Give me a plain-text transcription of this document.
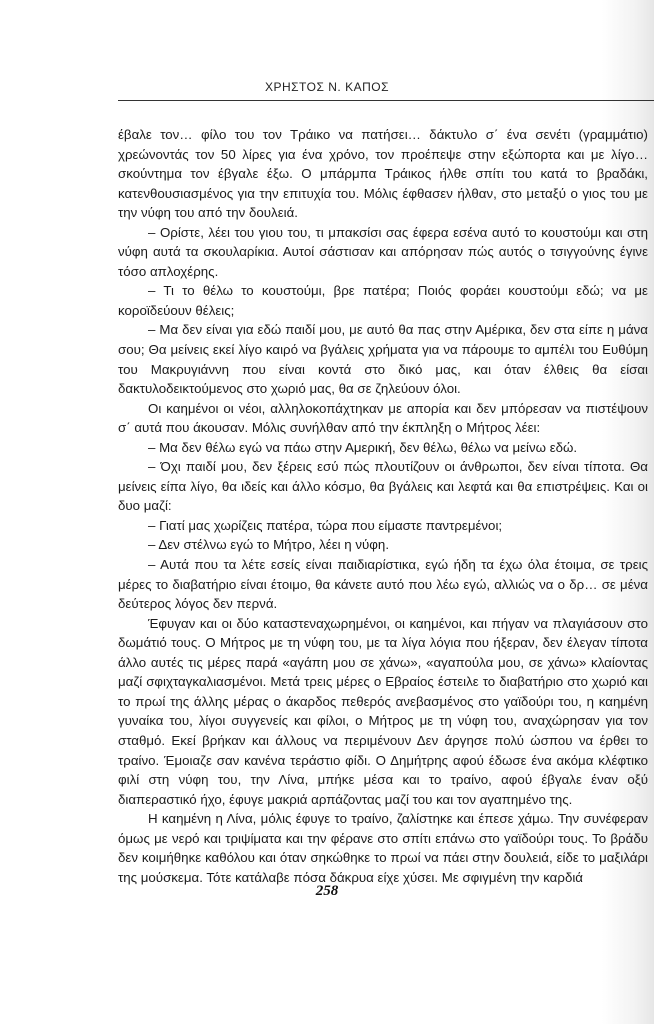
ΧΡΗΣΤΟΣ Ν. ΚΑΠΟΣ

έβαλε τον… φίλο του τον Τράικο να πατήσει… δάκτυλο σ΄ ένα σενέτι (γραμμάτιο) χρεώνοντάς τον 50 λίρες για ένα χρόνο, τον προέπεψε στην εξώπορτα και με λίγο… σκούντημα τον έβγαλε έξω. Ο μπάρμπα Τράικος ήλθε σπίτι του κατά το βραδάκι, κατενθουσιασμένος για την επιτυχία του. Μόλις έφθασεν ήλθαν, στο μεταξύ ο γιος του με την νύφη του από την δουλειά.

– Ορίστε, λέει του γιου του, τι μπακσίσι σας έφερα εσένα αυτό το κουστούμι και στη νύφη αυτά τα σκουλαρίκια. Αυτοί σάστισαν και απόρησαν πώς αυτός ο τσιγγούνης έγινε τόσο απλοχέρης.

– Τι το θέλω το κουστούμι, βρε πατέρα; Ποιός φοράει κουστούμι εδώ; να με κοροϊδεύουν θέλεις;

– Μα δεν είναι για εδώ παιδί μου, με αυτό θα πας στην Αμέρικα, δεν στα είπε η μάνα σου; Θα μείνεις εκεί λίγο καιρό να βγάλεις χρήματα για να πάρουμε το αμπέλι του Ευθύμη του Μακρυγιάννη που είναι κοντά στο δικό μας, και όταν έλθεις θα είσαι δακτυλοδεικτούμενος στο χωριό μας, θα σε ζηλεύουν όλοι.

Οι καημένοι οι νέοι, αλληλοκοπάχτηκαν με απορία και δεν μπόρεσαν να πιστέψουν σ΄ αυτά που άκουσαν. Μόλις συνήλθαν από την έκπληξη ο Μήτρος λέει:

– Μα δεν θέλω εγώ να πάω στην Αμερική, δεν θέλω, θέλω να μείνω εδώ.

– Όχι παιδί μου, δεν ξέρεις εσύ πώς πλουτίζουν οι άνθρωποι, δεν είναι τίποτα. Θα μείνεις είπα λίγο, θα ιδείς και άλλο κόσμο, θα βγάλεις και λεφτά και θα επιστρέψεις. Και οι δυο μαζί:

– Γιατί μας χωρίζεις πατέρα, τώρα που είμαστε παντρεμένοι;

– Δεν στέλνω εγώ το Μήτρο, λέει η νύφη.

– Αυτά που τα λέτε εσείς είναι παιδιαρίστικα, εγώ ήδη τα έχω όλα έτοιμα, σε τρεις μέρες το διαβατήριο είναι έτοιμο, θα κάνετε αυτό που λέω εγώ, αλλιώς να ο δρ… σε μένα δεύτερος λόγος δεν περνά.

Έφυγαν και οι δύο καταστεναχωρημένοι, οι καημένοι, και πήγαν να πλαγιάσουν στο δωμάτιό τους. Ο Μήτρος με τη νύφη του, με τα λίγα λόγια που ήξεραν, δεν έλεγαν τίποτα άλλο αυτές τις μέρες παρά «αγάπη μου σε χάνω», «αγαπούλα μου, σε χάνω» κλαίοντας μαζί σφιχταγκαλιασμένοι. Μετά τρεις μέρες ο Εβραίος έστειλε το διαβατήριο στο χωριό και το πρωί της άλλης μέρας ο άκαρδος πεθερός ανεβασμένος στο γαϊδούρι του, η καημένη γυναίκα του, λίγοι συγγενείς και φίλοι, ο Μήτρος με τη νύφη του, αναχώρησαν για τον σταθμό. Εκεί βρήκαν και άλλους να περιμένουν Δεν άργησε πολύ ώσπου να έρθει το τραίνο. Έμοιαζε σαν κανένα τεράστιο φίδι. Ο Δημήτρης αφού έδωσε ένα ακόμα κλέφτικο φιλί στη νύφη του, την Λίνα, μπήκε μέσα και το τραίνο, αφού έβγαλε έναν οξύ διαπεραστικό ήχο, έφυγε μακριά αρπάζοντας μαζί του και τον αγαπημένο της.

Η καημένη η Λίνα, μόλις έφυγε το τραίνο, ζαλίστηκε και έπεσε χάμω. Την συνέφεραν όμως με νερό και τριψίματα και την φέρανε στο σπίτι επάνω στο γαϊδούρι τους. Το βράδυ δεν κοιμήθηκε καθόλου και όταν σηκώθηκε το πρωί να πάει στην δουλειά, είδε το μαξιλάρι της μούσκεμα. Τότε κατάλαβε πόσα δάκρυα είχε χύσει. Με σφιγμένη την καρδιά

258
